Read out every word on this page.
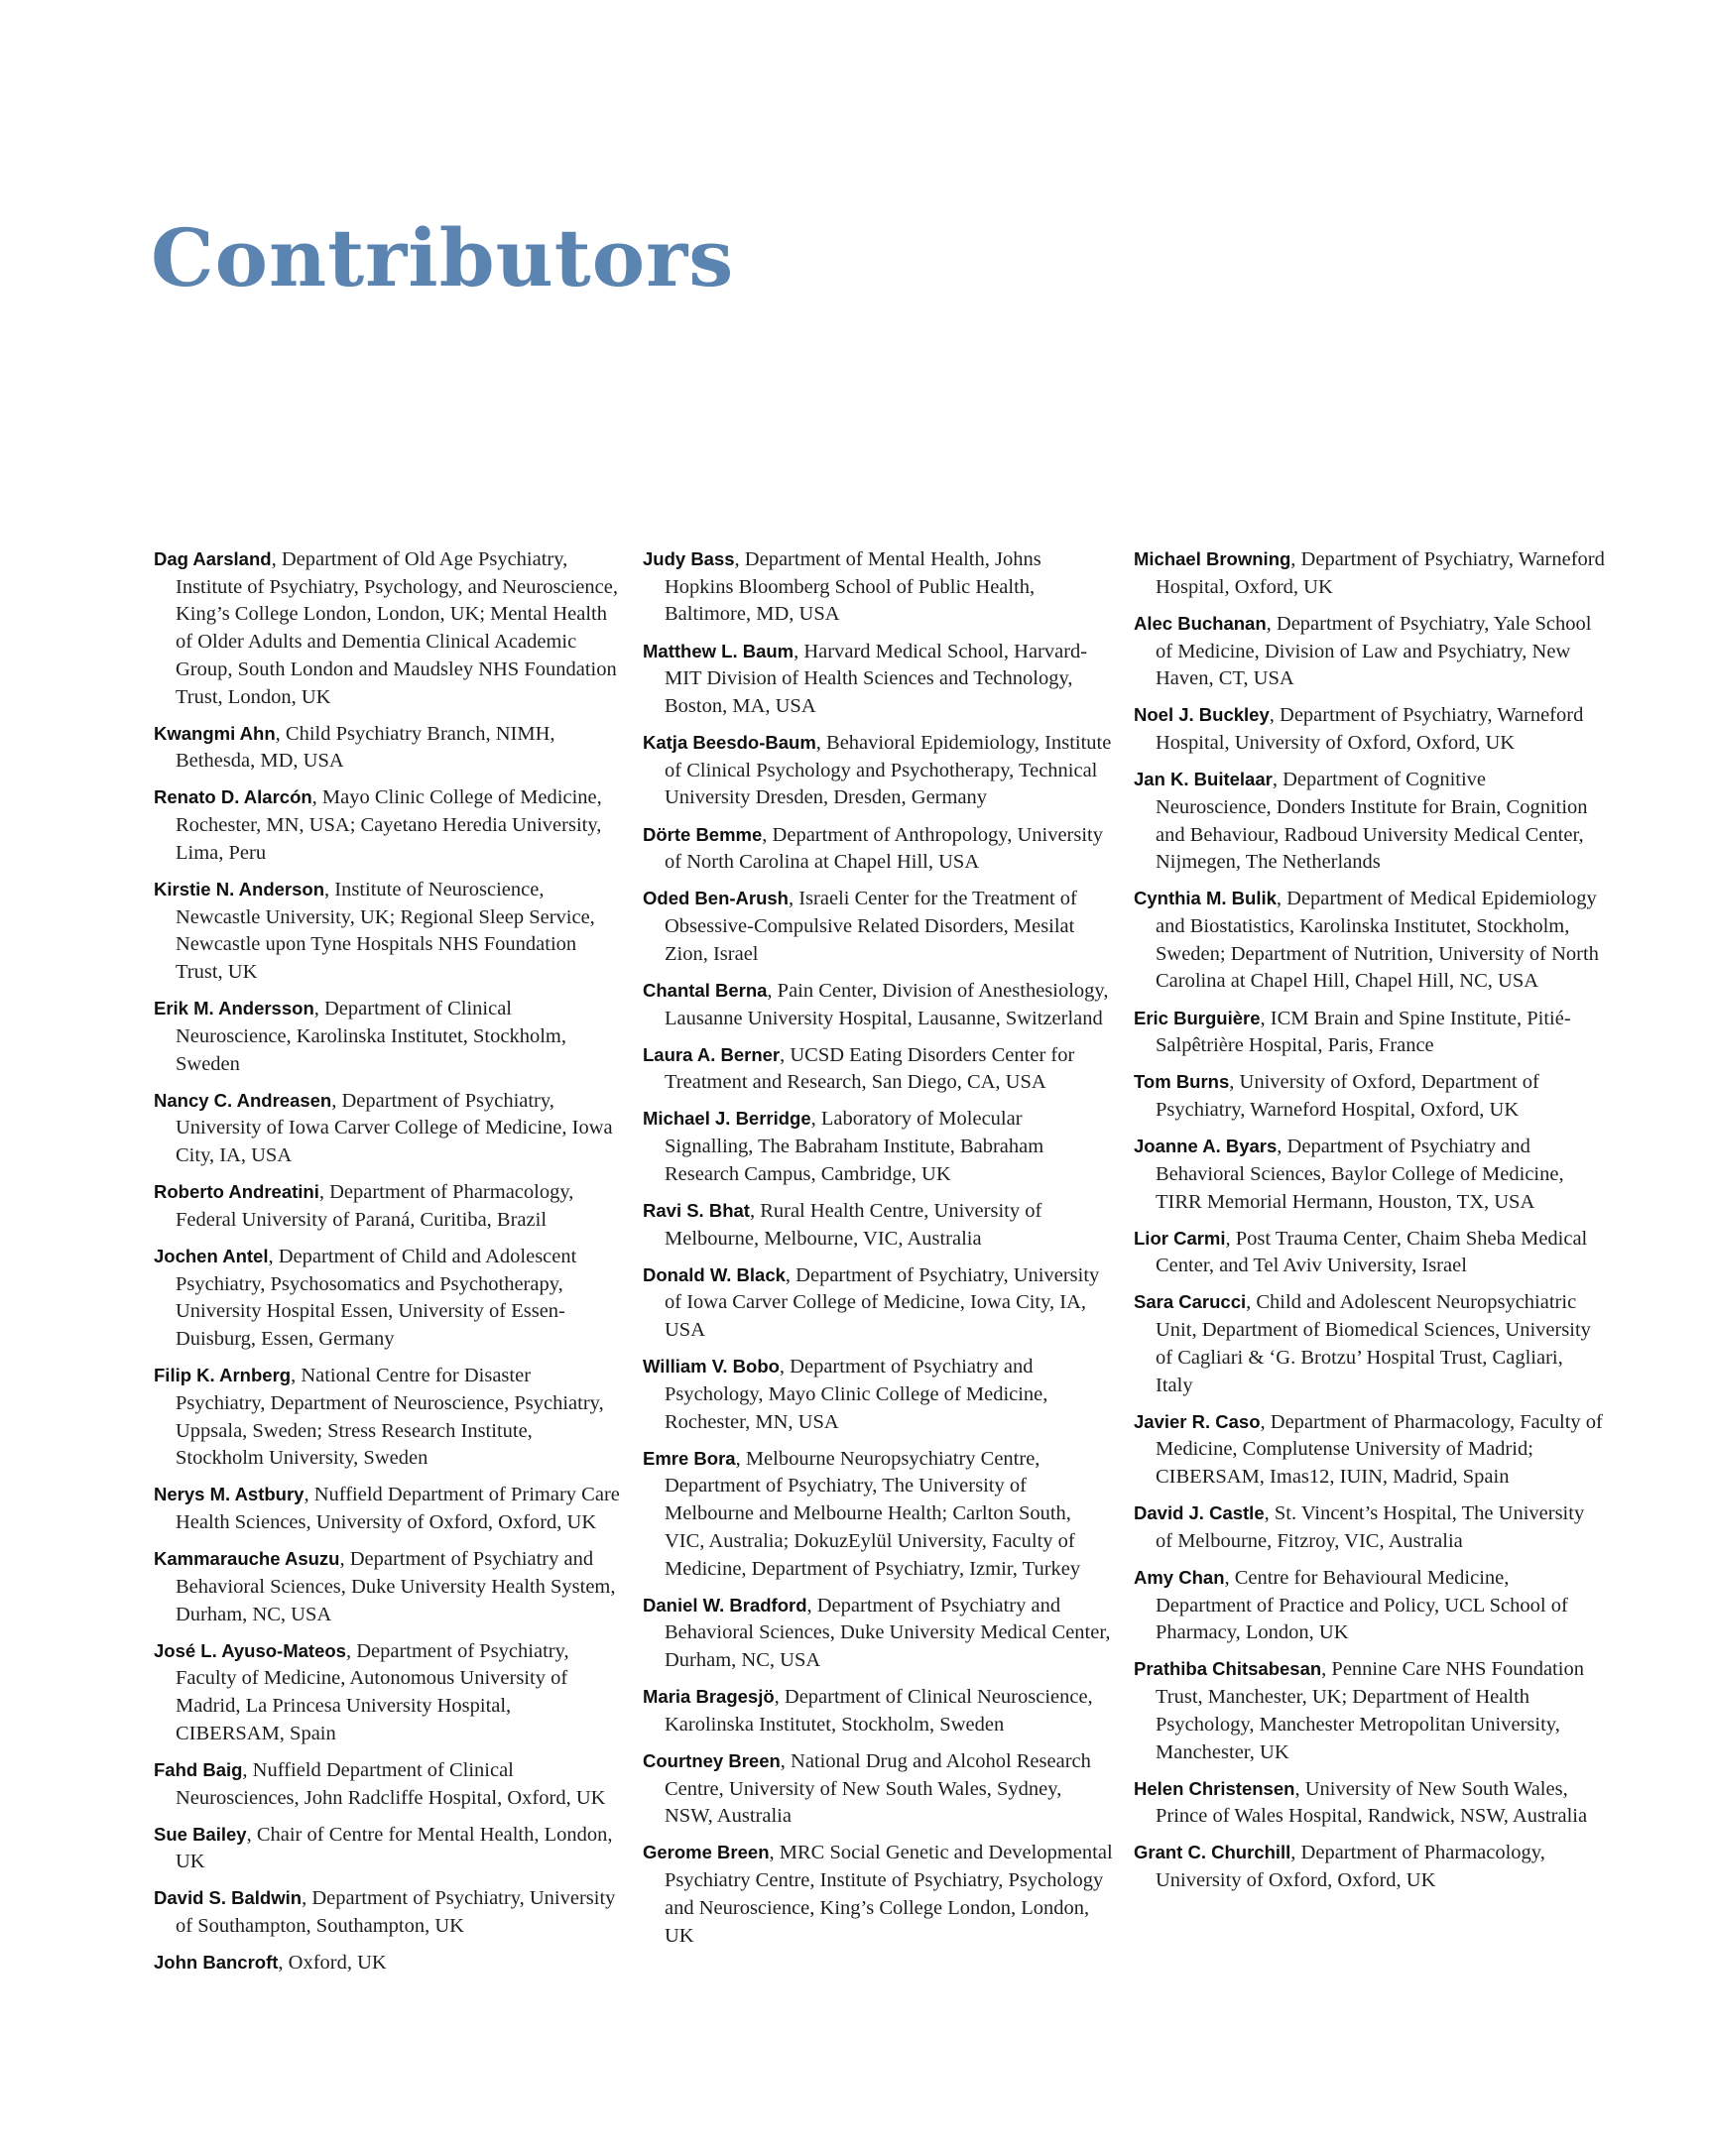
Contributors

Dag Aarsland, Department of Old Age Psychiatry, Institute of Psychiatry, Psychology, and Neuroscience, King’s College London, London, UK; Mental Health of Older Adults and Dementia Clinical Academic Group, South London and Maudsley NHS Foundation Trust, London, UK

Kwangmi Ahn, Child Psychiatry Branch, NIMH, Bethesda, MD, USA

Renato D. Alarcón, Mayo Clinic College of Medicine, Rochester, MN, USA; Cayetano Heredia University, Lima, Peru

Kirstie N. Anderson, Institute of Neuroscience, Newcastle University, UK; Regional Sleep Service, Newcastle upon Tyne Hospitals NHS Foundation Trust, UK

Erik M. Andersson, Department of Clinical Neuroscience, Karolinska Institutet, Stockholm, Sweden

Nancy C. Andreasen, Department of Psychiatry, University of Iowa Carver College of Medicine, Iowa City, IA, USA

Roberto Andreatini, Department of Pharmacology, Federal University of Paraná, Curitiba, Brazil

Jochen Antel, Department of Child and Adolescent Psychiatry, Psychosomatics and Psychotherapy, University Hospital Essen, University of Essen-Duisburg, Essen, Germany

Filip K. Arnberg, National Centre for Disaster Psychiatry, Department of Neuroscience, Psychiatry, Uppsala, Sweden; Stress Research Institute, Stockholm University, Sweden

Nerys M. Astbury, Nuffield Department of Primary Care Health Sciences, University of Oxford, Oxford, UK

Kammarauche Asuzu, Department of Psychiatry and Behavioral Sciences, Duke University Health System, Durham, NC, USA

José L. Ayuso-Mateos, Department of Psychiatry, Faculty of Medicine, Autonomous University of Madrid, La Princesa University Hospital, CIBERSAM, Spain

Fahd Baig, Nuffield Department of Clinical Neurosciences, John Radcliffe Hospital, Oxford, UK

Sue Bailey, Chair of Centre for Mental Health, London, UK

David S. Baldwin, Department of Psychiatry, University of Southampton, Southampton, UK

John Bancroft, Oxford, UK

Judy Bass, Department of Mental Health, Johns Hopkins Bloomberg School of Public Health, Baltimore, MD, USA

Matthew L. Baum, Harvard Medical School, Harvard-MIT Division of Health Sciences and Technology, Boston, MA, USA

Katja Beesdo-Baum, Behavioral Epidemiology, Institute of Clinical Psychology and Psychotherapy, Technical University Dresden, Dresden, Germany

Dörte Bemme, Department of Anthropology, University of North Carolina at Chapel Hill, USA

Oded Ben-Arush, Israeli Center for the Treatment of Obsessive-Compulsive Related Disorders, Mesilat Zion, Israel

Chantal Berna, Pain Center, Division of Anesthesiology, Lausanne University Hospital, Lausanne, Switzerland

Laura A. Berner, UCSD Eating Disorders Center for Treatment and Research, San Diego, CA, USA

Michael J. Berridge, Laboratory of Molecular Signalling, The Babraham Institute, Babraham Research Campus, Cambridge, UK

Ravi S. Bhat, Rural Health Centre, University of Melbourne, Melbourne, VIC, Australia

Donald W. Black, Department of Psychiatry, University of Iowa Carver College of Medicine, Iowa City, IA, USA

William V. Bobo, Department of Psychiatry and Psychology, Mayo Clinic College of Medicine, Rochester, MN, USA

Emre Bora, Melbourne Neuropsychiatry Centre, Department of Psychiatry, The University of Melbourne and Melbourne Health; Carlton South, VIC, Australia; DokuzEylül University, Faculty of Medicine, Department of Psychiatry, Izmir, Turkey

Daniel W. Bradford, Department of Psychiatry and Behavioral Sciences, Duke University Medical Center, Durham, NC, USA

Maria Bragesjö, Department of Clinical Neuroscience, Karolinska Institutet, Stockholm, Sweden

Courtney Breen, National Drug and Alcohol Research Centre, University of New South Wales, Sydney, NSW, Australia

Gerome Breen, MRC Social Genetic and Developmental Psychiatry Centre, Institute of Psychiatry, Psychology and Neuroscience, King’s College London, London, UK

Michael Browning, Department of Psychiatry, Warneford Hospital, Oxford, UK

Alec Buchanan, Department of Psychiatry, Yale School of Medicine, Division of Law and Psychiatry, New Haven, CT, USA

Noel J. Buckley, Department of Psychiatry, Warneford Hospital, University of Oxford, Oxford, UK

Jan K. Buitelaar, Department of Cognitive Neuroscience, Donders Institute for Brain, Cognition and Behaviour, Radboud University Medical Center, Nijmegen, The Netherlands

Cynthia M. Bulik, Department of Medical Epidemiology and Biostatistics, Karolinska Institutet, Stockholm, Sweden; Department of Nutrition, University of North Carolina at Chapel Hill, Chapel Hill, NC, USA

Eric Burguière, ICM Brain and Spine Institute, Pitié-Salpêtrière Hospital, Paris, France

Tom Burns, University of Oxford, Department of Psychiatry, Warneford Hospital, Oxford, UK

Joanne A. Byars, Department of Psychiatry and Behavioral Sciences, Baylor College of Medicine, TIRR Memorial Hermann, Houston, TX, USA

Lior Carmi, Post Trauma Center, Chaim Sheba Medical Center, and Tel Aviv University, Israel

Sara Carucci, Child and Adolescent Neuropsychiatric Unit, Department of Biomedical Sciences, University of Cagliari & ‘G. Brotzu’ Hospital Trust, Cagliari, Italy

Javier R. Caso, Department of Pharmacology, Faculty of Medicine, Complutense University of Madrid; CIBERSAM, Imas12, IUIN, Madrid, Spain

David J. Castle, St. Vincent’s Hospital, The University of Melbourne, Fitzroy, VIC, Australia

Amy Chan, Centre for Behavioural Medicine, Department of Practice and Policy, UCL School of Pharmacy, London, UK

Prathiba Chitsabesan, Pennine Care NHS Foundation Trust, Manchester, UK; Department of Health Psychology, Manchester Metropolitan University, Manchester, UK

Helen Christensen, University of New South Wales, Prince of Wales Hospital, Randwick, NSW, Australia

Grant C. Churchill, Department of Pharmacology, University of Oxford, Oxford, UK
